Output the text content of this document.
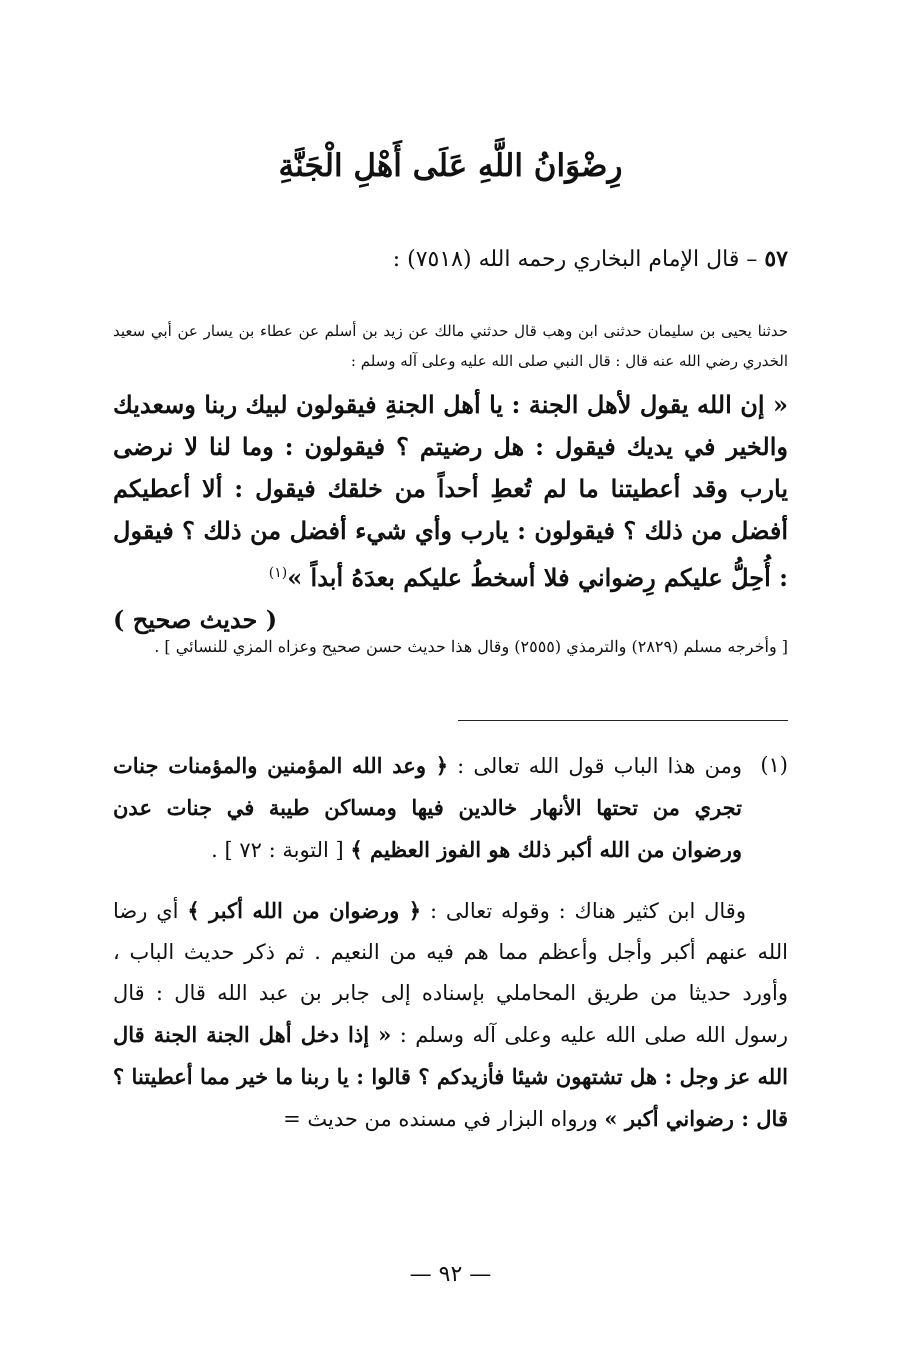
رِضْوَانُ اللَّهِ عَلَى أَهْلِ الْجَنَّةِ
٥٧ – قال الإمام البخاري رحمه الله (٧٥١٨) :
حدثنا يحيى بن سليمان حدثنى ابن وهب قال حدثني مالك عن زيد بن أسلم عن عطاء بن يسار عن أبي سعيد الخدري رضي الله عنه قال : قال النبي صلى الله عليه وعلى آله وسلم :
« إن الله يقول لأهل الجنة : يا أهل الجنةِ فيقولون لبيك ربنا وسعديك والخير في يديك فيقول : هل رضيتم ؟ فيقولون : وما لنا لا نرضى يارب وقد أعطيتنا ما لم تُعطِ أحداً من خلقك فيقول : ألا أعطيكم أفضل من ذلك ؟ فيقولون : يارب وأي شيء أفضل من ذلك ؟ فيقول : أُحِلُّ عليكم رِضواني فلا أسخطُ عليكم بعدَهُ أبداً »$^{(١)}$
( حديث صحيح )
[ وأخرجه مسلم (٢٨٢٩) والترمذي (٢٥٥٥) وقال هذا حديث حسن صحيح وعزاه المزي للنسائي ] .
(١)
ومن هذا الباب قول الله تعالى : ﴿ وعد الله المؤمنين والمؤمنات جنات تجري من تحتها الأنهار خالدين فيها ومساكن طيبة في جنات عدن ورضوان من الله أكبر ذلك هو الفوز العظيم ﴾ [ التوبة : ٧٢ ] .
وقال ابن كثير هناك : وقوله تعالى : ﴿ ورضوان من الله أكبر ﴾ أي رضا الله عنهم أكبر وأجل وأعظم مما هم فيه من النعيم . ثم ذكر حديث الباب ، وأورد حديثا من طريق المحاملي بإسناده إلى جابر بن عبد الله قال : قال رسول الله صلى الله عليه وعلى آله وسلم : « إذا دخل أهل الجنة الجنة قال الله عز وجل : هل تشتهون شيئا فأزيدكم ؟ قالوا : يا ربنا ما خير مما أعطيتنا ؟ قال : رضواني أكبر » ورواه البزار في مسنده من حديث =
— ٩٢ —
